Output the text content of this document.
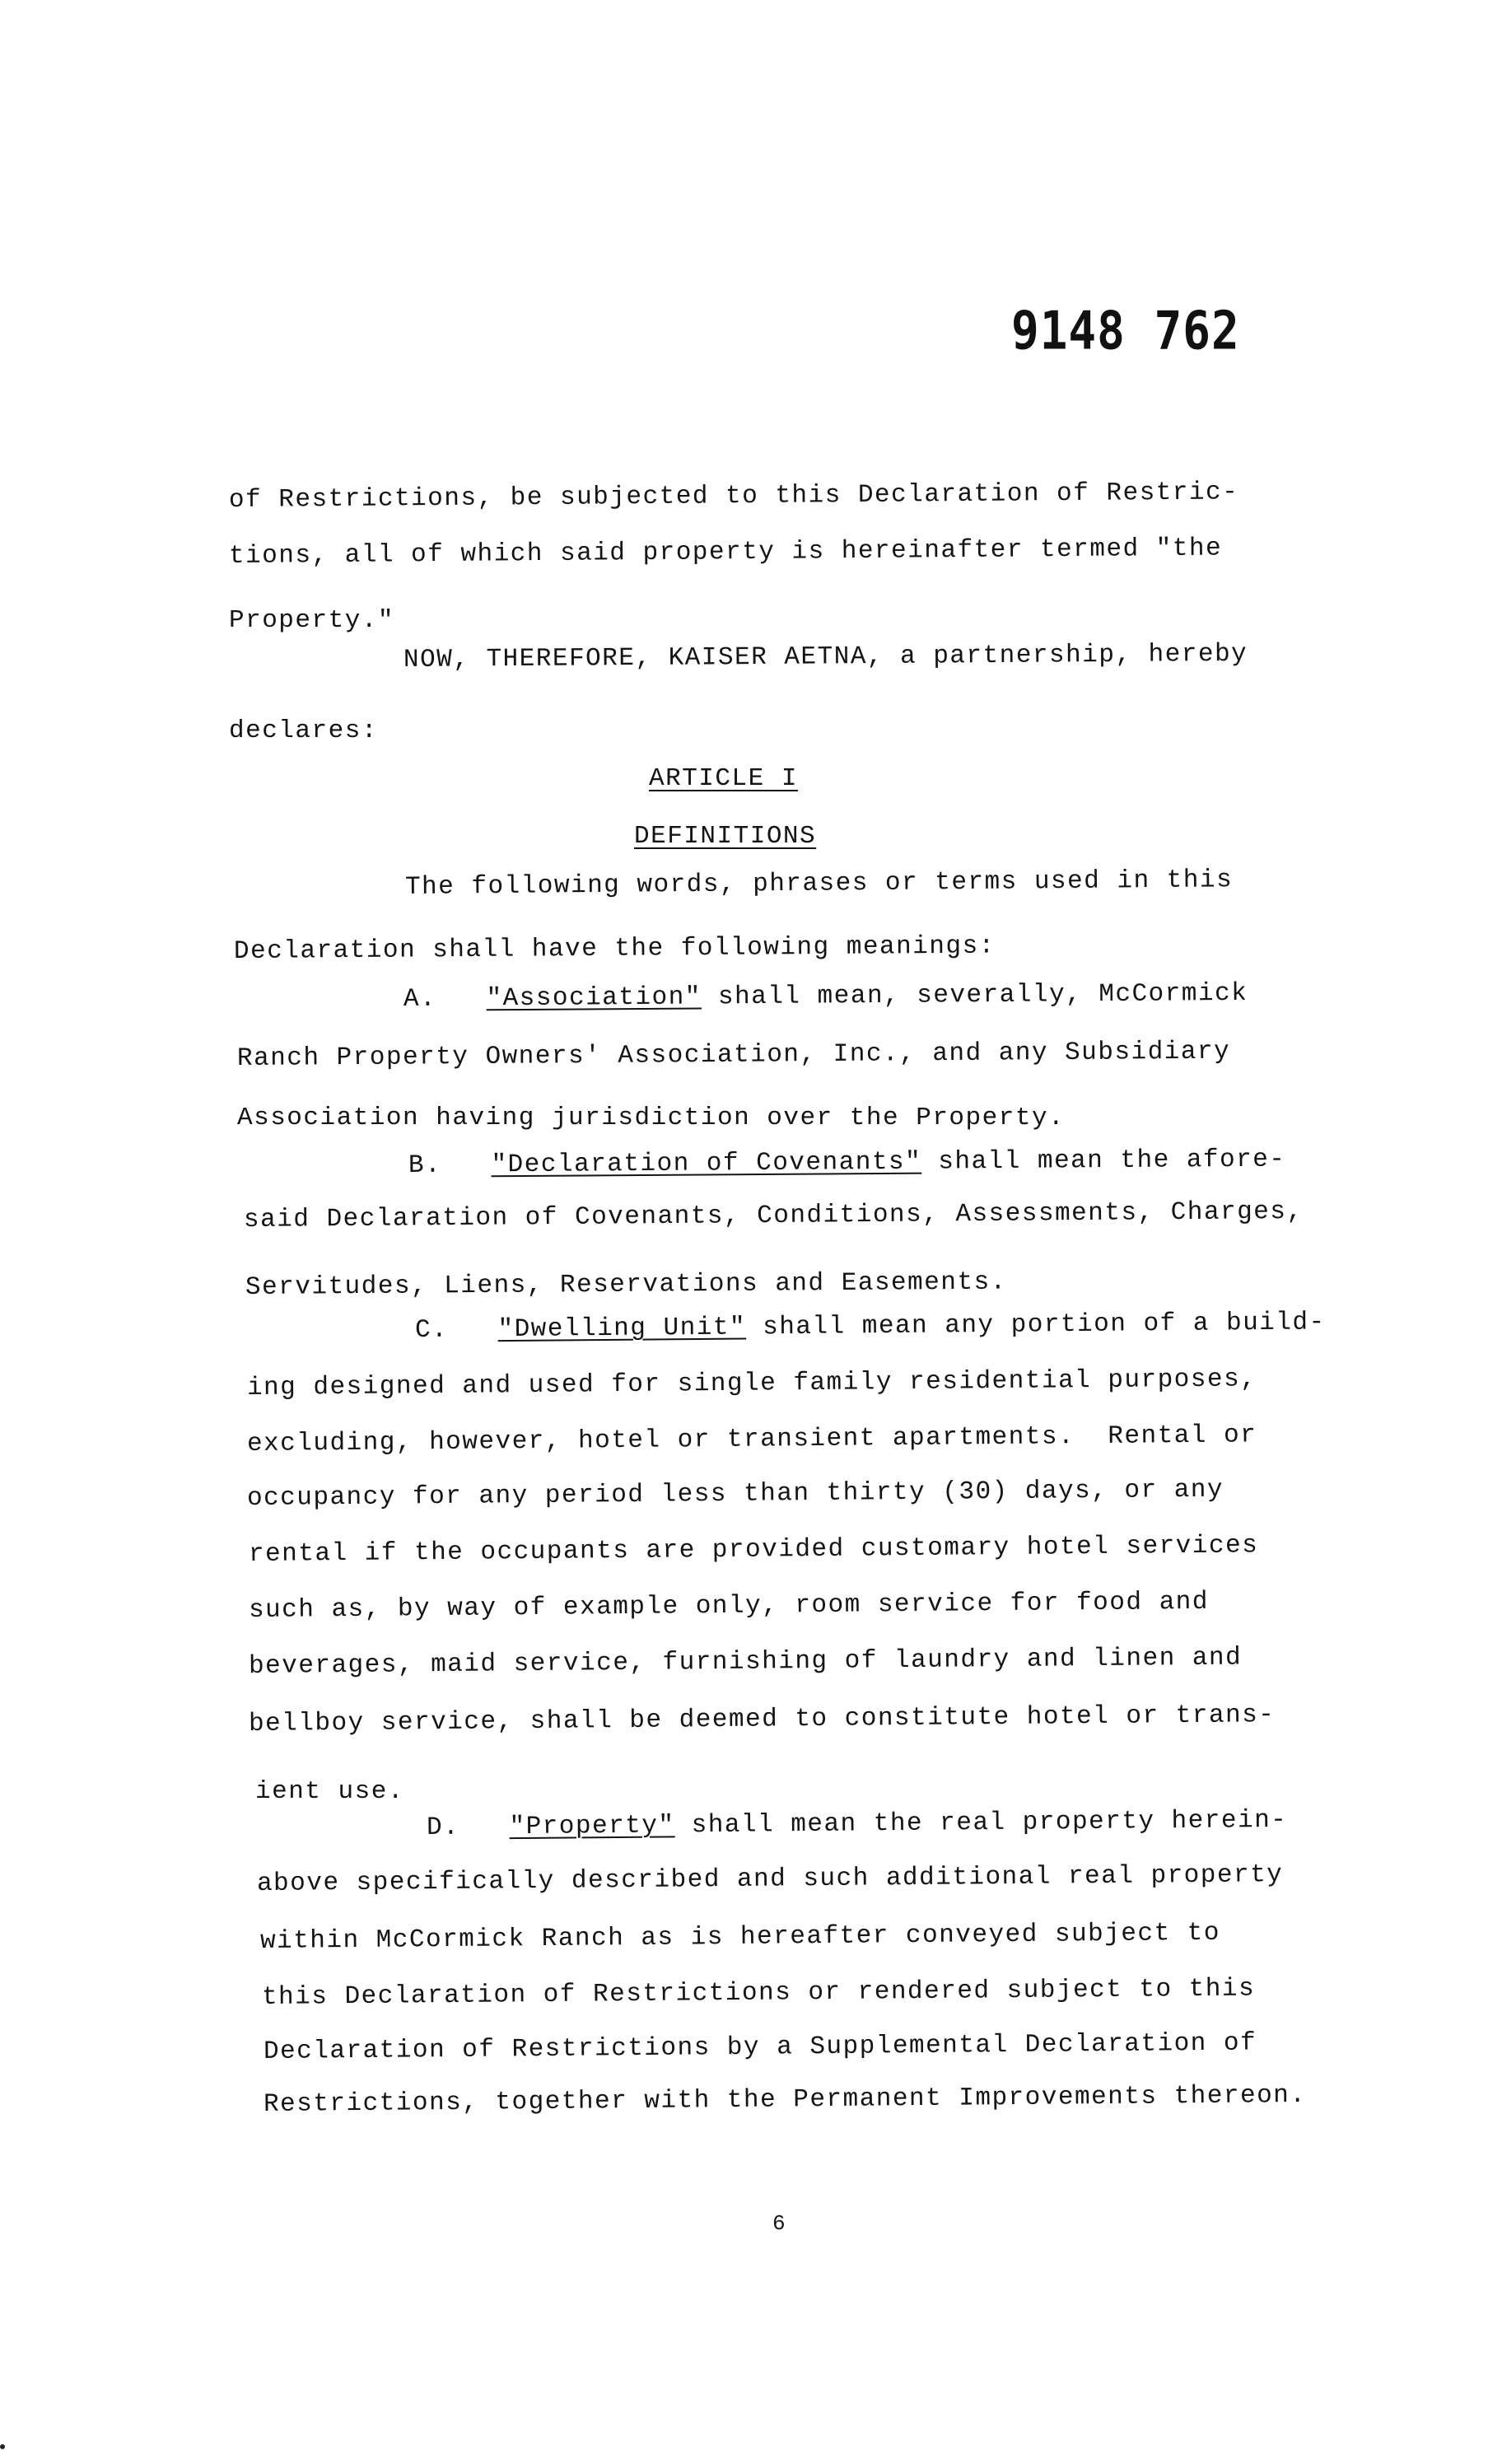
9148 762
of Restrictions, be subjected to this Declaration of Restric-
tions, all of which said property is hereinafter termed "the
Property."
NOW, THEREFORE, KAISER AETNA, a partnership, hereby
declares:
ARTICLE I
DEFINITIONS
The following words, phrases or terms used in this
Declaration shall have the following meanings:
A. "Association" shall mean, severally, McCormick
Ranch Property Owners' Association, Inc., and any Subsidiary
Association having jurisdiction over the Property.
B. "Declaration of Covenants" shall mean the afore-
said Declaration of Covenants, Conditions, Assessments, Charges,
Servitudes, Liens, Reservations and Easements.
C. "Dwelling Unit" shall mean any portion of a build-
ing designed and used for single family residential purposes,
excluding, however, hotel or transient apartments.  Rental or
occupancy for any period less than thirty (30) days, or any
rental if the occupants are provided customary hotel services
such as, by way of example only, room service for food and
beverages, maid service, furnishing of laundry and linen and
bellboy service, shall be deemed to constitute hotel or trans-
ient use.
D. "Property" shall mean the real property herein-
above specifically described and such additional real property
within McCormick Ranch as is hereafter conveyed subject to
this Declaration of Restrictions or rendered subject to this
Declaration of Restrictions by a Supplemental Declaration of
Restrictions, together with the Permanent Improvements thereon.
6
